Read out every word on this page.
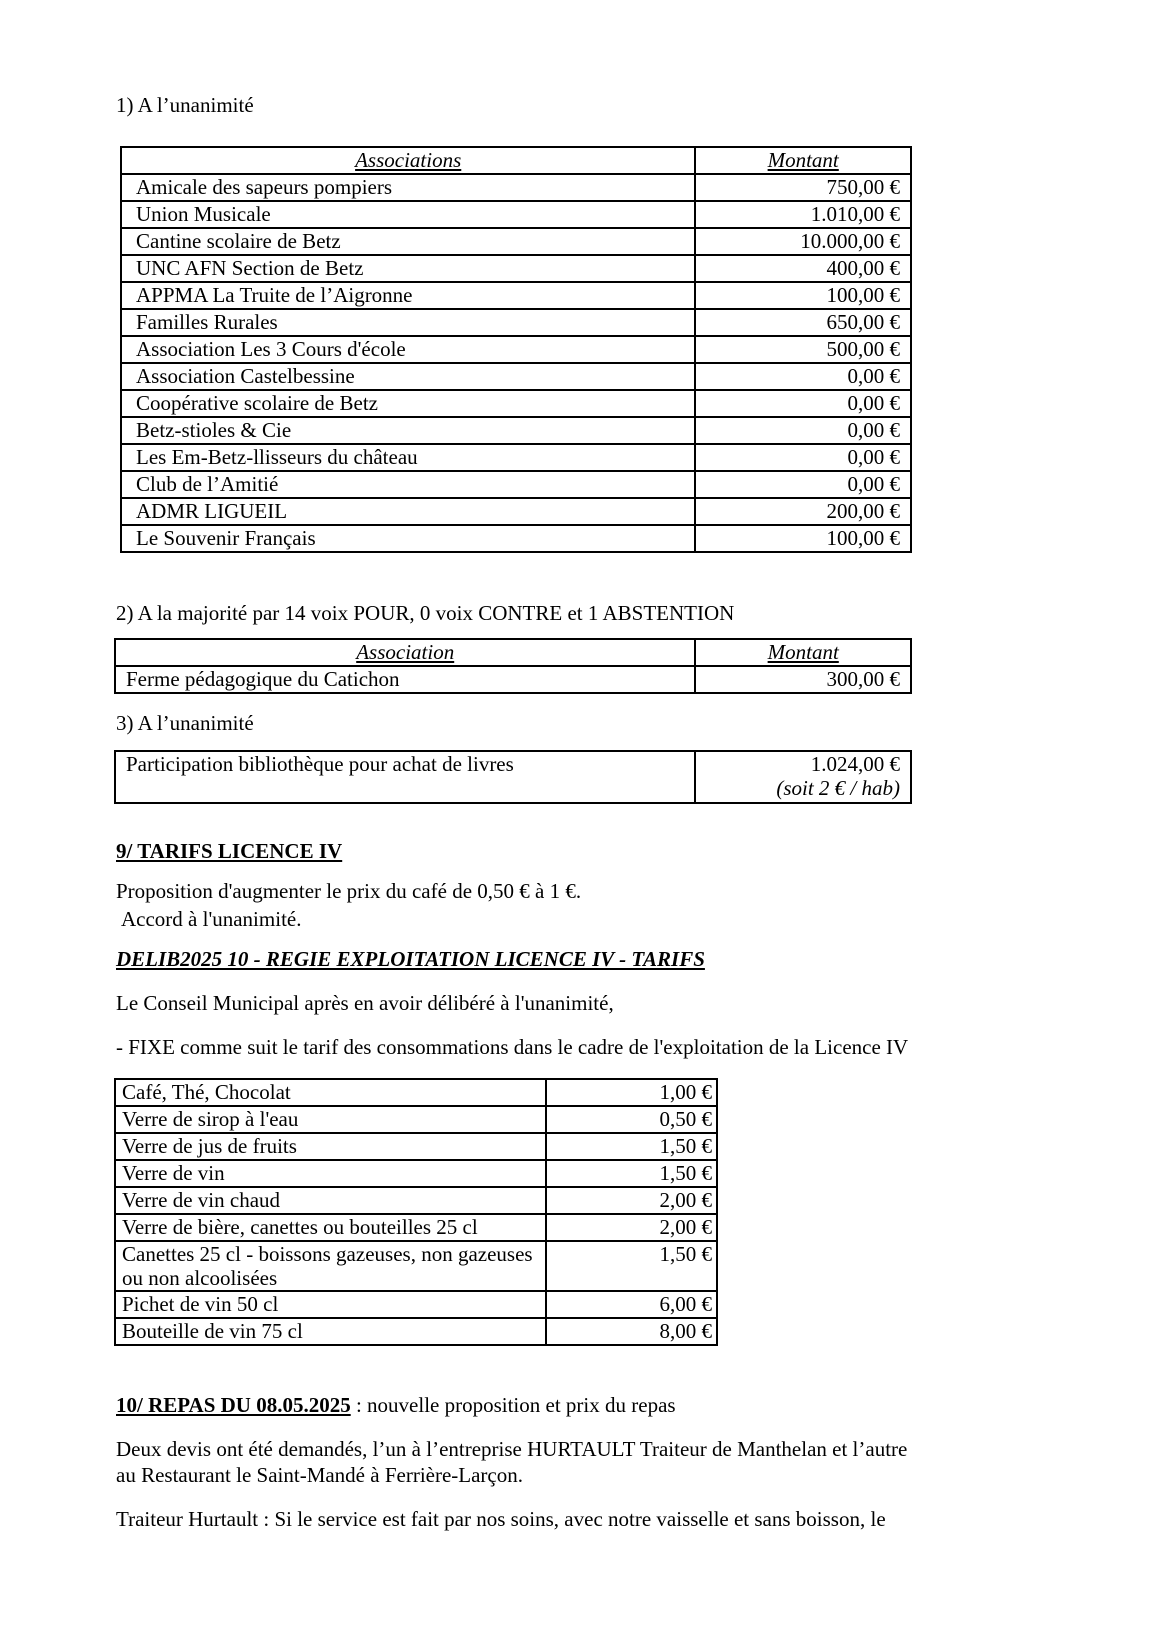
1) A l’unanimité
Associations	Montant
Amicale des sapeurs pompiers	750,00 €
Union Musicale	1.010,00 €
Cantine scolaire de Betz	10.000,00 €
UNC AFN Section de Betz	400,00 €
APPMA La Truite de l’Aigronne	100,00 €
Familles Rurales	650,00 €
Association Les 3 Cours d'école	500,00 €
Association Castelbessine	0,00 €
Coopérative scolaire de Betz	0,00 €
Betz-stioles & Cie	0,00 €
Les Em-Betz-llisseurs du château	0,00 €
Club de l’Amitié	0,00 €
ADMR LIGUEIL	200,00 €
Le Souvenir Français	100,00 €
2) A la majorité par 14 voix POUR, 0 voix CONTRE et 1 ABSTENTION
Association	Montant
Ferme pédagogique du Catichon	300,00 €
3) A l’unanimité
Participation bibliothèque pour achat de livres	1.024,00 €
(soit 2 € / hab)
9/ TARIFS LICENCE IV
Proposition d'augmenter le prix du café de 0,50 € à 1 €.
Accord à l'unanimité.
DELIB2025 10 - REGIE EXPLOITATION LICENCE IV - TARIFS
Le Conseil Municipal après en avoir délibéré à l'unanimité,
- FIXE comme suit le tarif des consommations dans le cadre de l'exploitation de la Licence IV
Café, Thé, Chocolat	1,00 €
Verre de sirop à l'eau	0,50 €
Verre de jus de fruits	1,50 €
Verre de vin	1,50 €
Verre de vin chaud	2,00 €
Verre de bière, canettes ou bouteilles 25 cl	2,00 €
Canettes 25 cl - boissons gazeuses, non gazeuses ou non alcoolisées	1,50 €
Pichet de vin 50 cl	6,00 €
Bouteille de vin 75 cl	8,00 €
10/ REPAS DU 08.05.2025 : nouvelle proposition et prix du repas
Deux devis ont été demandés, l’un à l’entreprise HURTAULT Traiteur de Manthelan et l’autre
au Restaurant le Saint-Mandé à Ferrière-Larçon.
Traiteur Hurtault : Si le service est fait par nos soins, avec notre vaisselle et sans boisson, le
